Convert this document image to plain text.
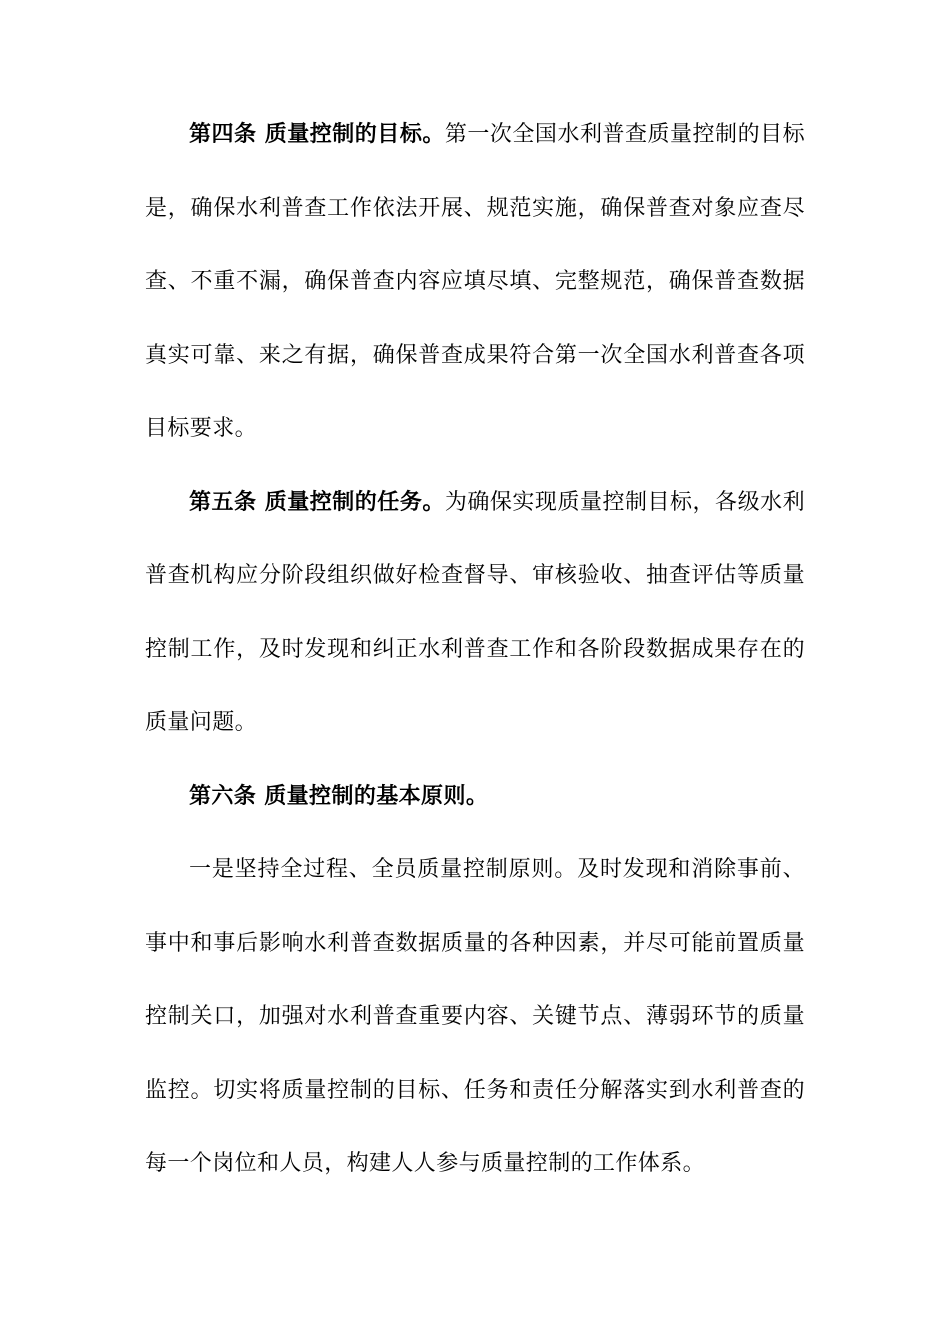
第四条 质量控制的目标。第一次全国水利普查质量控制的目标是，确保水利普查工作依法开展、规范实施，确保普查对象应查尽查、不重不漏，确保普查内容应填尽填、完整规范，确保普查数据真实可靠、来之有据，确保普查成果符合第一次全国水利普查各项目标要求。

第五条 质量控制的任务。为确保实现质量控制目标，各级水利普查机构应分阶段组织做好检查督导、审核验收、抽查评估等质量控制工作，及时发现和纠正水利普查工作和各阶段数据成果存在的质量问题。

第六条 质量控制的基本原则。

一是坚持全过程、全员质量控制原则。及时发现和消除事前、事中和事后影响水利普查数据质量的各种因素，并尽可能前置质量控制关口，加强对水利普查重要内容、关键节点、薄弱环节的质量监控。切实将质量控制的目标、任务和责任分解落实到水利普查的每一个岗位和人员，构建人人参与质量控制的工作体系。
